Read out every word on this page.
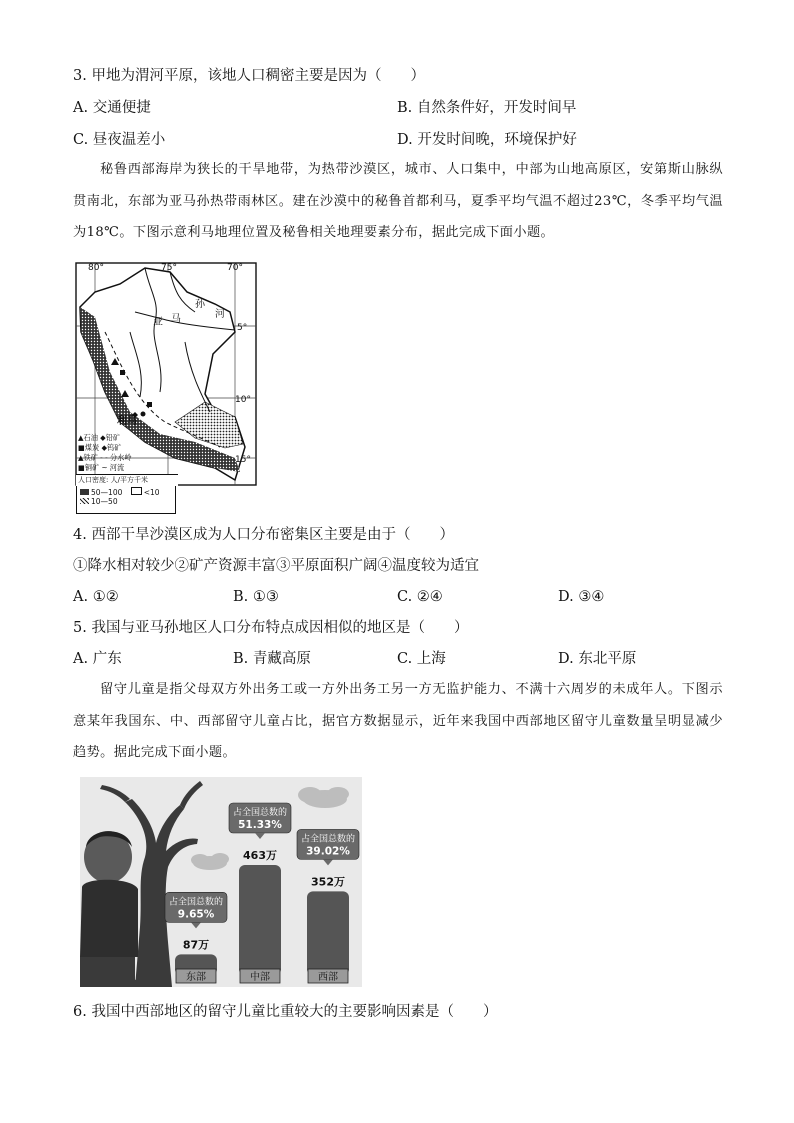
3. 甲地为渭河平原，该地人口稠密主要是因为（　　）
A. 交通便捷	B. 自然条件好，开发时间早
C. 昼夜温差小	D. 开发时间晚，环境保护好
秘鲁西部海岸为狭长的干旱地带，为热带沙漠区，城市、人口集中，中部为山地高原区，安第斯山脉纵贯南北，东部为亚马孙热带雨林区。建在沙漠中的秘鲁首都利马，夏季平均气温不超过23℃，冬季平均气温为18℃。下图示意利马地理位置及秘鲁相关地理要素分布，据此完成下面小题。
80°	75°	70°
5°
10°
15°
亚 马
孙
河
利马
▲石油 ◆铅矿
■煤炭 ◆钨矿
▲铁矿 - - 分水岭
■铜矿 ~ 河流
人口密度: 人/平方千米
50—100	<10
10—50
4. 西部干旱沙漠区成为人口分布密集区主要是由于（　　）
①降水相对较少②矿产资源丰富③平原面积广阔④温度较为适宜
A. ①②	B. ①③	C. ②④	D. ③④
5. 我国与亚马孙地区人口分布特点成因相似的地区是（　　）
A. 广东	B. 青藏高原	C. 上海	D. 东北平原
留守儿童是指父母双方外出务工或一方外出务工另一方无监护能力、不满十六周岁的未成年人。下图示意某年我国东、中、西部留守儿童占比，据官方数据显示，近年来我国中西部地区留守儿童数量呈明显减少趋势。据此完成下面小题。
东部
87万
占全国总数的
9.65%
中部
463万
占全国总数的
51.33%
西部
352万
占全国总数的
39.02%
6. 我国中西部地区的留守儿童比重较大的主要影响因素是（　　）
